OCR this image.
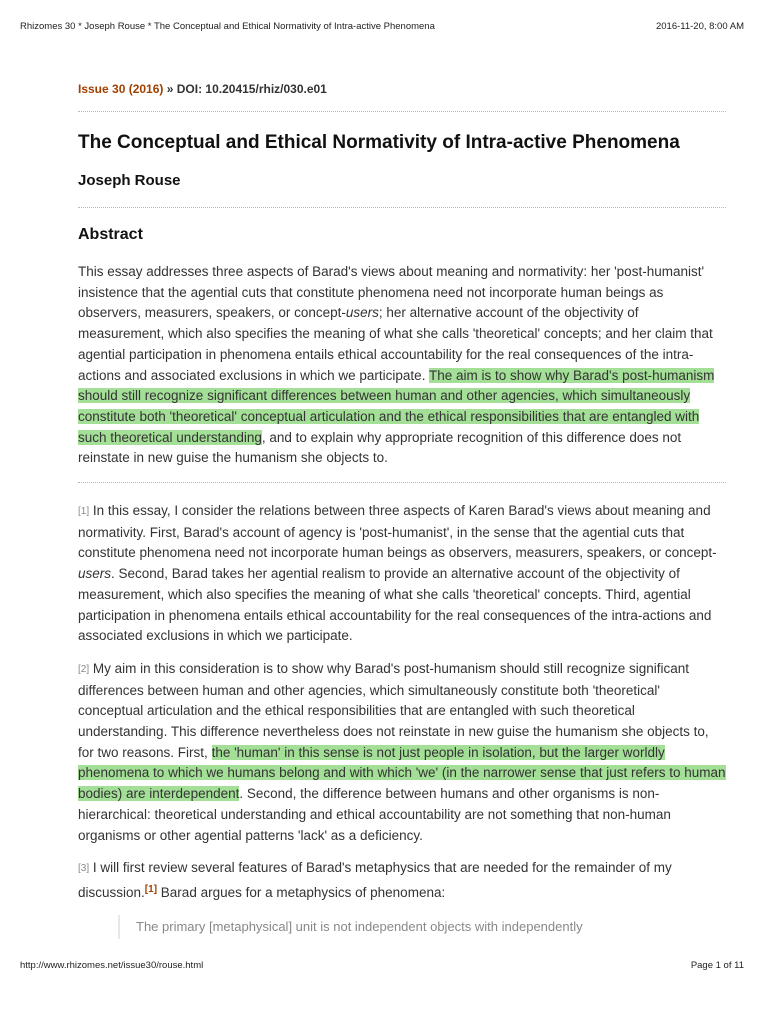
Rhizomes 30 * Joseph Rouse * The Conceptual and Ethical Normativity of Intra-active Phenomena	2016-11-20, 8:00 AM

Issue 30 (2016) » DOI: 10.20415/rhiz/030.e01

The Conceptual and Ethical Normativity of Intra-active Phenomena
Joseph Rouse
Abstract

This essay addresses three aspects of Barad's views about meaning and normativity: her 'post-humanist' insistence that the agential cuts that constitute phenomena need not incorporate human beings as observers, measurers, speakers, or concept-users; her alternative account of the objectivity of measurement, which also specifies the meaning of what she calls 'theoretical' concepts; and her claim that agential participation in phenomena entails ethical accountability for the real consequences of the intra-actions and associated exclusions in which we participate. The aim is to show why Barad's post-humanism should still recognize significant differences between human and other agencies, which simultaneously constitute both 'theoretical' conceptual articulation and the ethical responsibilities that are entangled with such theoretical understanding, and to explain why appropriate recognition of this difference does not reinstate in new guise the humanism she objects to.

[1] In this essay, I consider the relations between three aspects of Karen Barad's views about meaning and normativity. First, Barad's account of agency is 'post-humanist', in the sense that the agential cuts that constitute phenomena need not incorporate human beings as observers, measurers, speakers, or concept-users. Second, Barad takes her agential realism to provide an alternative account of the objectivity of measurement, which also specifies the meaning of what she calls 'theoretical' concepts. Third, agential participation in phenomena entails ethical accountability for the real consequences of the intra-actions and associated exclusions in which we participate.

[2] My aim in this consideration is to show why Barad's post-humanism should still recognize significant differences between human and other agencies, which simultaneously constitute both 'theoretical' conceptual articulation and the ethical responsibilities that are entangled with such theoretical understanding. This difference nevertheless does not reinstate in new guise the humanism she objects to, for two reasons. First, the 'human' in this sense is not just people in isolation, but the larger worldly phenomena to which we humans belong and with which 'we' (in the narrower sense that just refers to human bodies) are interdependent. Second, the difference between humans and other organisms is non-hierarchical: theoretical understanding and ethical accountability are not something that non-human organisms or other agential patterns 'lack' as a deficiency.

[3] I will first review several features of Barad's metaphysics that are needed for the remainder of my discussion.[1] Barad argues for a metaphysics of phenomena:

The primary [metaphysical] unit is not independent objects with independently
http://www.rhizomes.net/issue30/rouse.html	Page 1 of 11
